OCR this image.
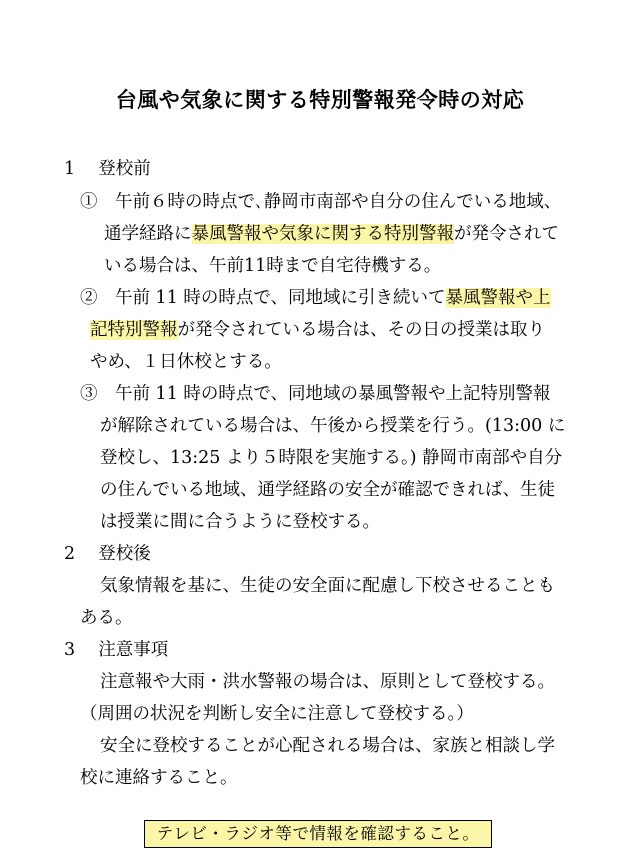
台風や気象に関する特別警報発令時の対応
1　 登校前
①　午前６時の時点で､静岡市南部や自分の住んでいる地域、
通学経路に暴風警報や気象に関する特別警報が発令されて
いる場合は、午前11時まで自宅待機する。
②　午前 11 時の時点で、同地域に引き続いて暴風警報や上
記特別警報が発令されている場合は、その日の授業は取り
やめ、１日休校とする。
③　午前 11 時の時点で、同地域の暴風警報や上記特別警報
が解除されている場合は、午後から授業を行う。(13:00 に
登校し、13:25 より５時限を実施する。) 静岡市南部や自分
の住んでいる地域、通学経路の安全が確認できれば、生徒
は授業に間に合うように登校する。
2　 登校後
気象情報を基に、生徒の安全面に配慮し下校させることも
ある。
3　 注意事項
注意報や大雨・洪水警報の場合は、原則として登校する。
（周囲の状況を判断し安全に注意して登校する。）
安全に登校することが心配される場合は、家族と相談し学
校に連絡すること。
テレビ・ラジオ等で情報を確認すること。
